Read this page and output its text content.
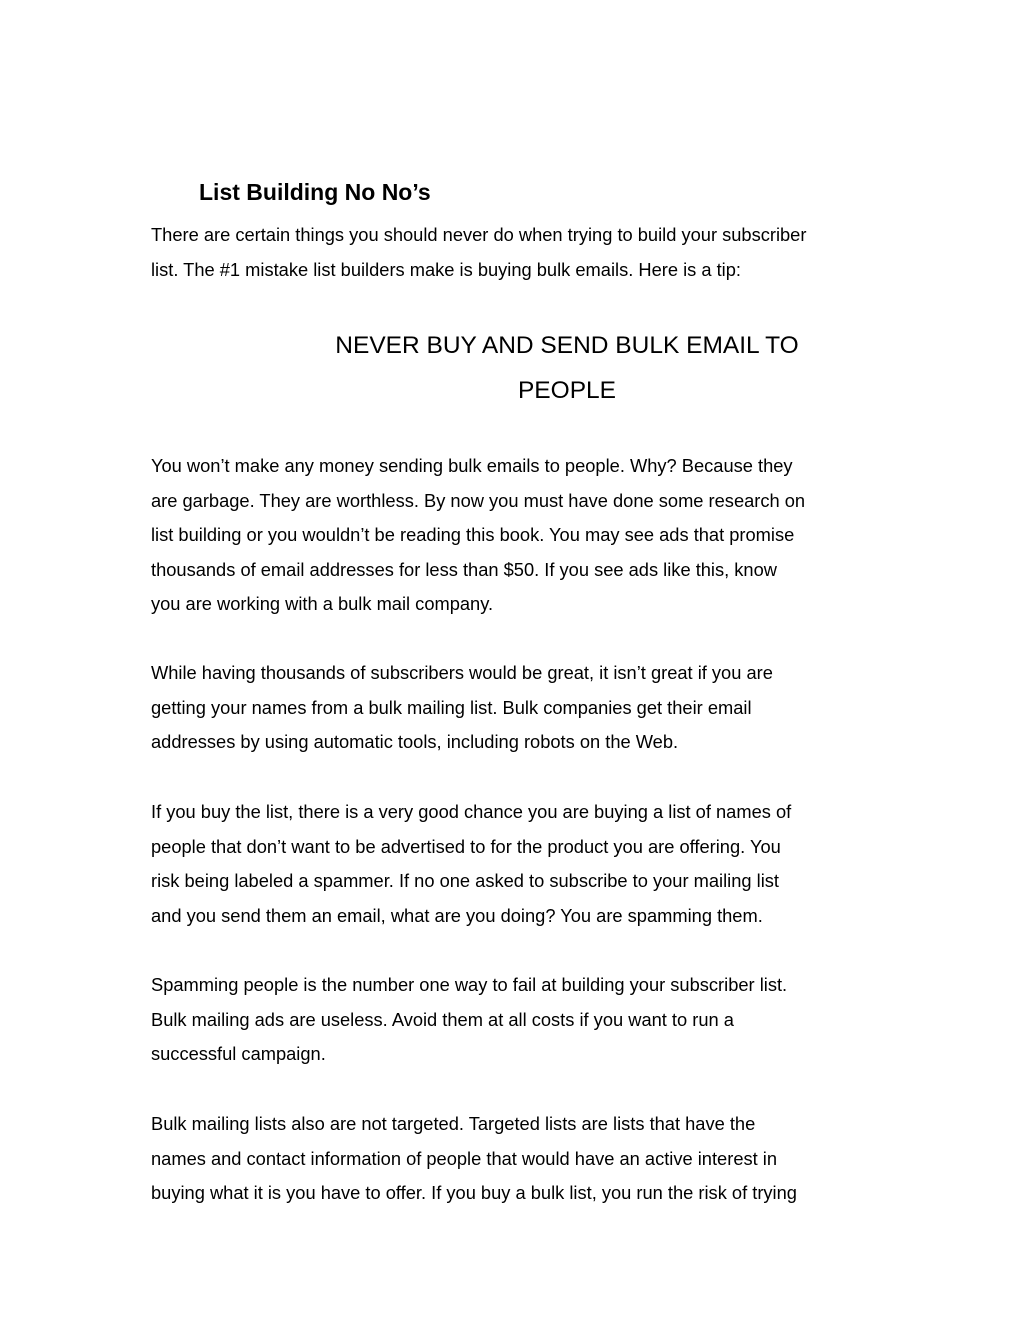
List Building No No’s

There are certain things you should never do when trying to build your subscriber
list. The #1 mistake list builders make is buying bulk emails. Here is a tip:

NEVER BUY AND SEND BULK EMAIL TO
PEOPLE

You won’t make any money sending bulk emails to people. Why? Because they
are garbage. They are worthless. By now you must have done some research on
list building or you wouldn’t be reading this book. You may see ads that promise
thousands of email addresses for less than $50. If you see ads like this, know
you are working with a bulk mail company.

While having thousands of subscribers would be great, it isn’t great if you are
getting your names from a bulk mailing list. Bulk companies get their email
addresses by using automatic tools, including robots on the Web.

If you buy the list, there is a very good chance you are buying a list of names of
people that don’t want to be advertised to for the product you are offering. You
risk being labeled a spammer. If no one asked to subscribe to your mailing list
and you send them an email, what are you doing? You are spamming them.

Spamming people is the number one way to fail at building your subscriber list.
Bulk mailing ads are useless. Avoid them at all costs if you want to run a
successful campaign.

Bulk mailing lists also are not targeted. Targeted lists are lists that have the
names and contact information of people that would have an active interest in
buying what it is you have to offer. If you buy a bulk list, you run the risk of trying
